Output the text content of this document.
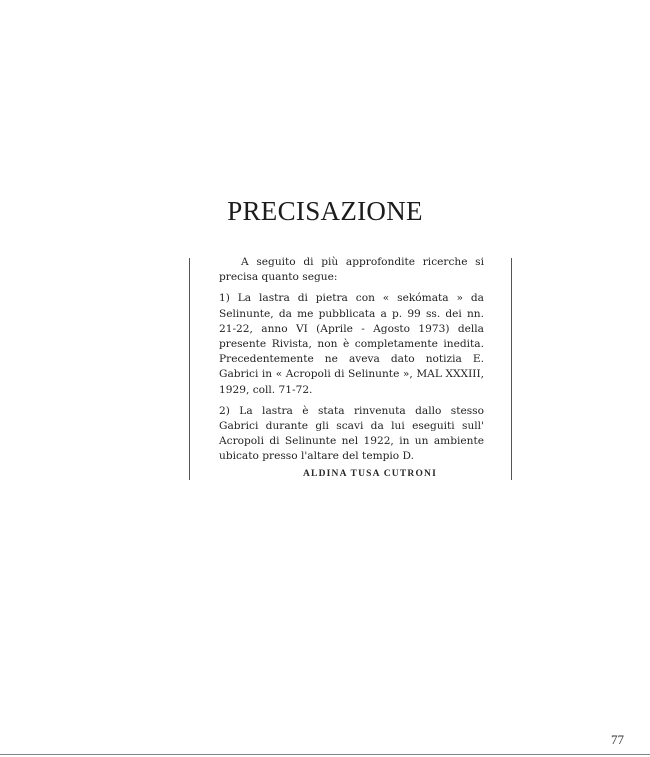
PRECISAZIONE

A seguito di più approfondite ricerche si precisa quanto segue:

1) La lastra di pietra con « sekómata » da Selinunte, da me pubblicata a p. 99 ss. dei nn. 21-22, anno VI (Aprile - Agosto 1973) della presente Rivista, non è completamente inedita. Precedentemente ne aveva dato notizia E. Gabrici in « Acropoli di Selinunte », MAL XXXIII, 1929, coll. 71-72.

2) La lastra è stata rinvenuta dallo stesso Gabrici durante gli scavi da lui eseguiti sull' Acropoli di Selinunte nel 1922, in un ambiente ubicato presso l'altare del tempio D.

ALDINA TUSA CUTRONI
77
